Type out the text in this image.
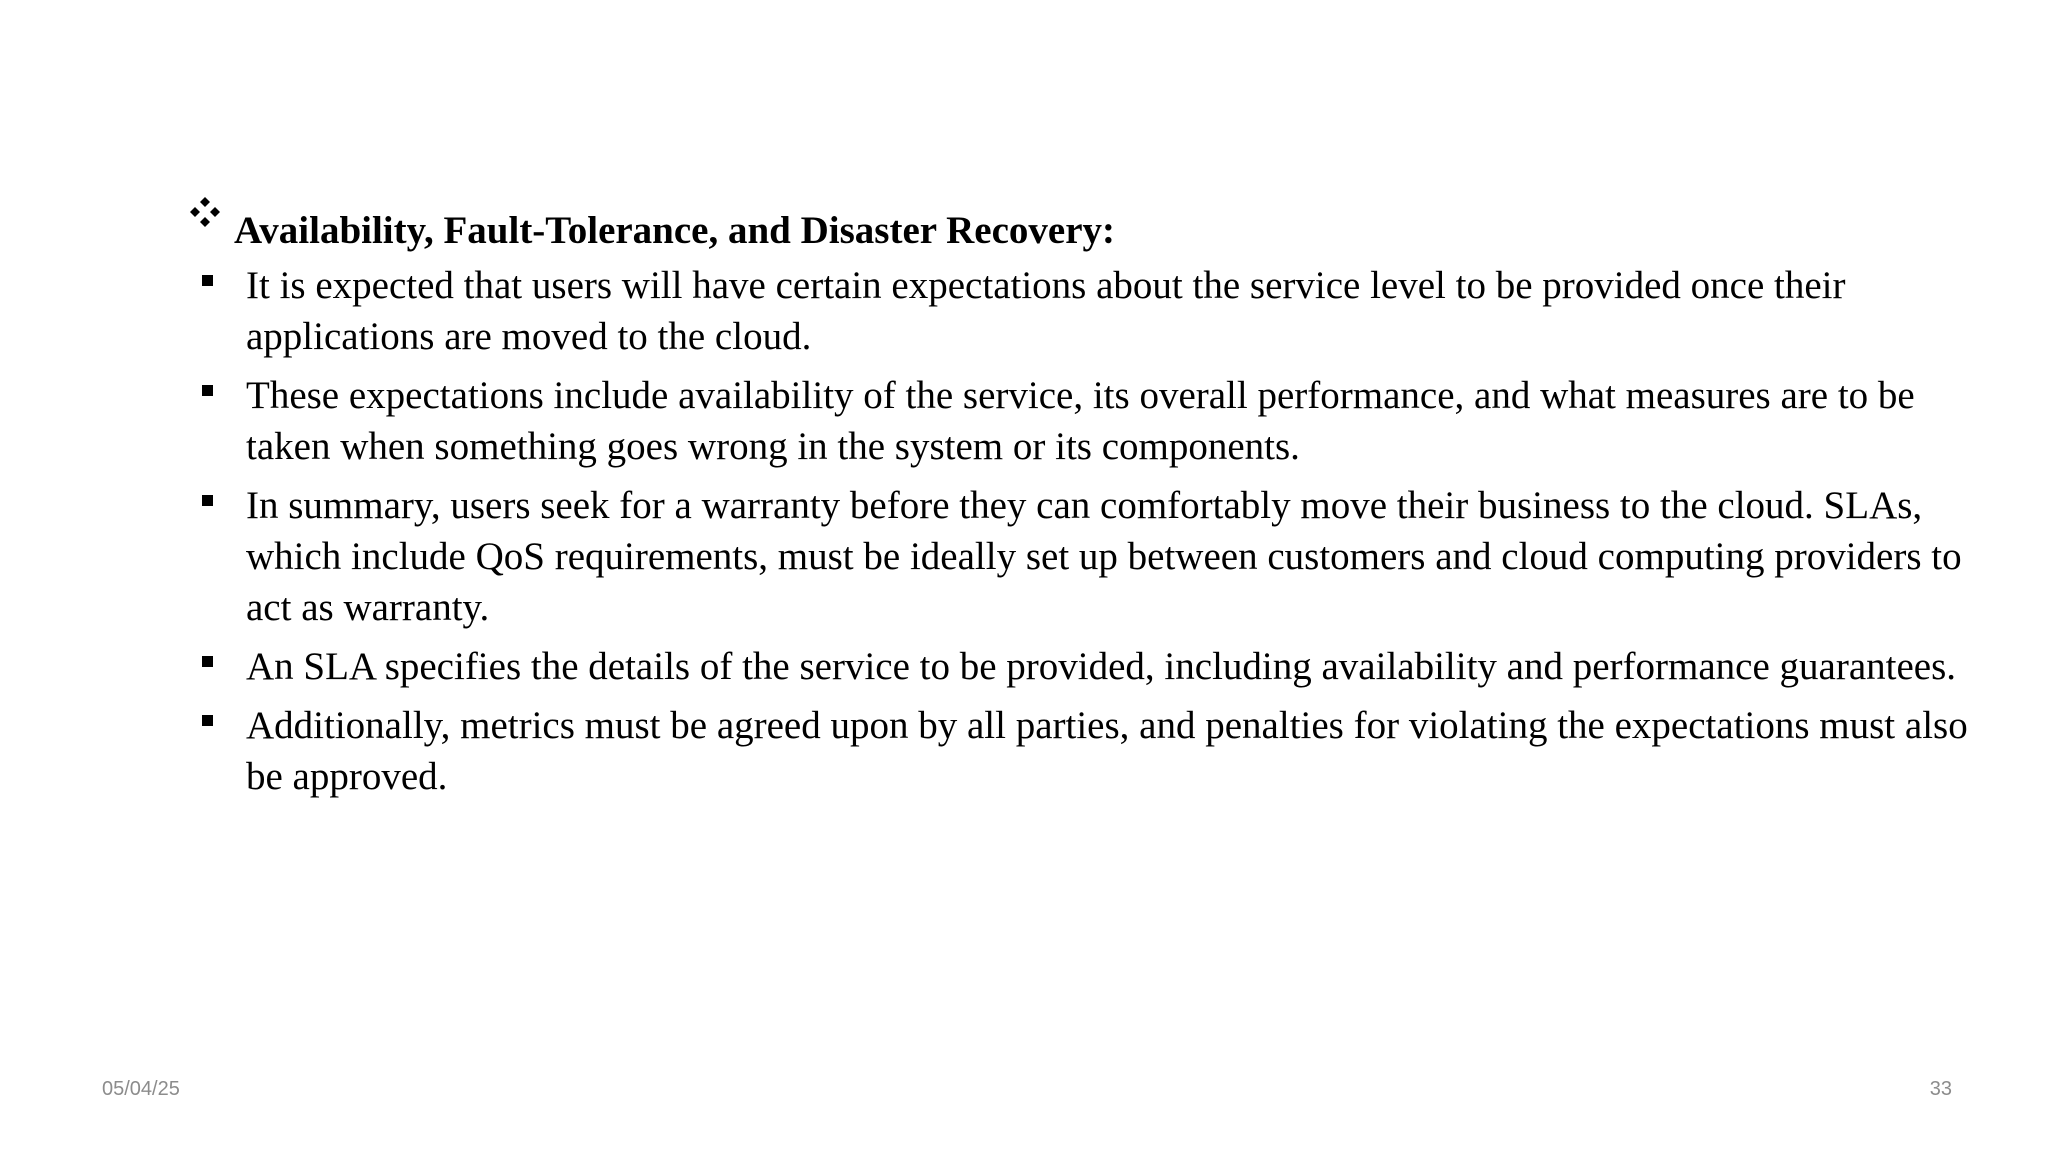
Availability, Fault-Tolerance, and Disaster Recovery:
It is expected that users will have certain expectations about the service level to be provided once their applications are moved to the cloud.
These expectations include availability of the service, its overall performance, and what measures are to be taken when something goes wrong in the system or its components.
In summary, users seek for a warranty before they can comfortably move their business to the cloud. SLAs, which include QoS requirements, must be ideally set up between customers and cloud computing providers to act as warranty.
An SLA specifies the details of the service to be provided, including availability and performance guarantees.
Additionally, metrics must be agreed upon by all parties, and penalties for violating the expectations must also be approved.
05/04/25	33
